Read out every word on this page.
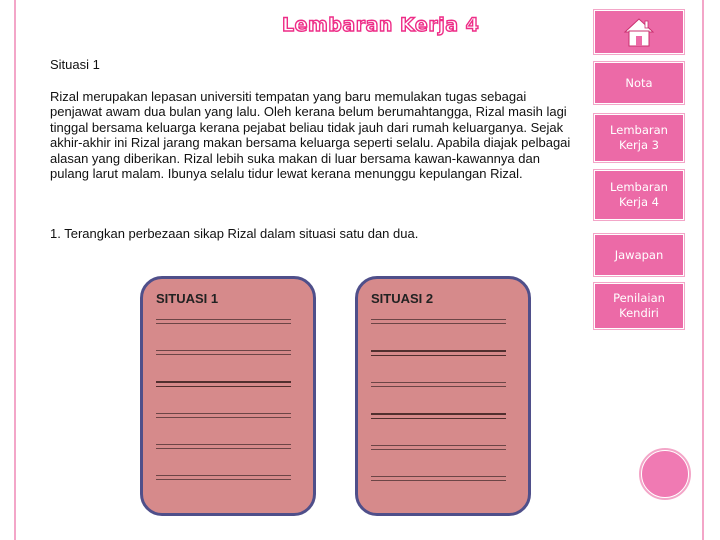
Lembaran Kerja 4
Situasi 1
Rizal merupakan lepasan universiti tempatan yang baru memulakan tugas sebagai penjawat awam dua bulan yang lalu. Oleh kerana belum berumahtangga, Rizal masih lagi tinggal bersama keluarga kerana pejabat beliau tidak jauh dari rumah keluarganya. Sejak akhir-akhir ini Rizal jarang makan bersama keluarga seperti selalu. Apabila diajak pelbagai alasan yang diberikan. Rizal lebih suka makan di luar bersama kawan-kawannya dan pulang larut malam. Ibunya selalu tidur lewat kerana menunggu kepulangan Rizal.
1. Terangkan perbezaan sikap Rizal dalam situasi satu dan dua.
SITUASI 1	SITUASI 2
Nota
Lembaran Kerja 3
Lembaran Kerja 4
Jawapan
Penilaian Kendiri
